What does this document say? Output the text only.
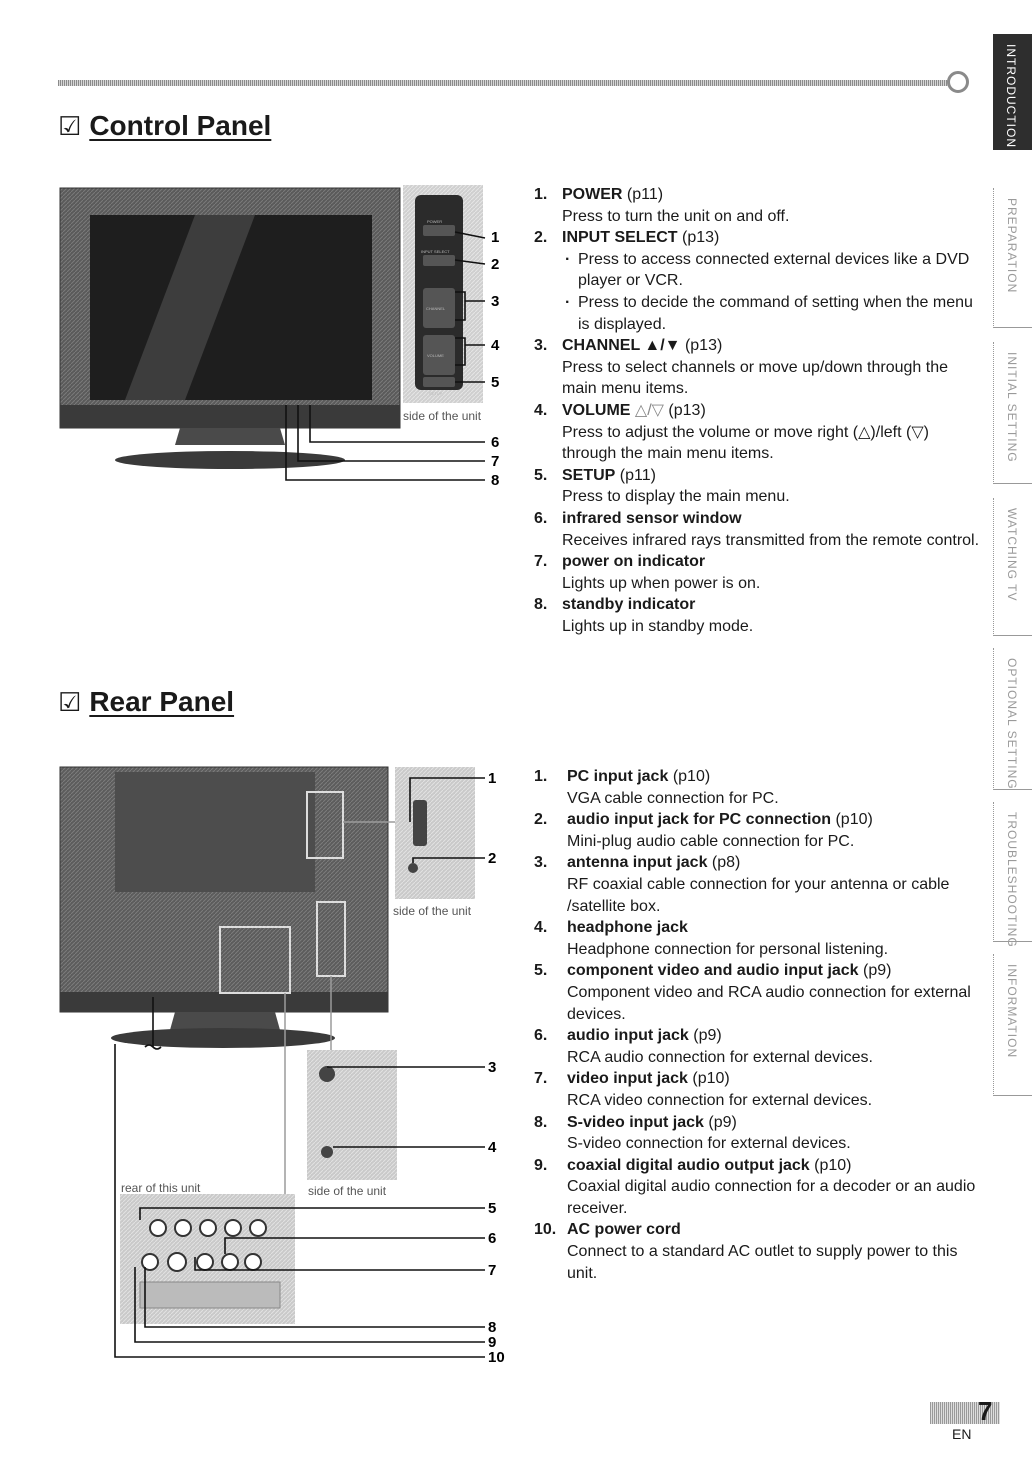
INTRODUCTION
PREPARATION
INITIAL SETTING
WATCHING TV
OPTIONAL SETTING
TROUBLESHOOTING
INFORMATION
☑ Control Panel
1
2
3
4
5
6
7
8
side of the unit
POWER
INPUT SELECT
CHANNEL
VOLUME
SETUP
1. POWER (p11)
Press to turn the unit on and off.
2. INPUT SELECT (p13)
· Press to access connected external devices like a DVD player or VCR.
· Press to decide the command of setting when the menu is displayed.
3. CHANNEL ▲/▼ (p13)
Press to select channels or move up/down through the main menu items.
4. VOLUME △/▽ (p13)
Press to adjust the volume or move right (△)/left (▽) through the main menu items.
5. SETUP (p11)
Press to display the main menu.
6. infrared sensor window
Receives infrared rays transmitted from the remote control.
7. power on indicator
Lights up when power is on.
8. standby indicator
Lights up in standby mode.
☑ Rear Panel
1
2
3
4
5
6
7
8
9
10
side of the unit
side of the unit
rear of this unit
1.	PC input jack (p10)
VGA cable connection for PC.
2.	audio input jack for PC connection (p10)
Mini-plug audio cable connection for PC.
3.	antenna input jack (p8)
RF coaxial cable connection for your antenna or cable /satellite box.
4.	headphone jack
Headphone connection for personal listening.
5.	component video and audio input jack (p9)
Component video and RCA audio connection for external devices.
6.	audio input jack (p9)
RCA audio connection for external devices.
7.	video input jack (p10)
RCA video connection for external devices.
8.	S-video input jack (p9)
S-video connection for external devices.
9.	coaxial digital audio output jack (p10)
Coaxial digital audio connection for a decoder or an audio receiver.
10. AC power cord
Connect to a standard AC outlet to supply power to this unit.
7
EN
